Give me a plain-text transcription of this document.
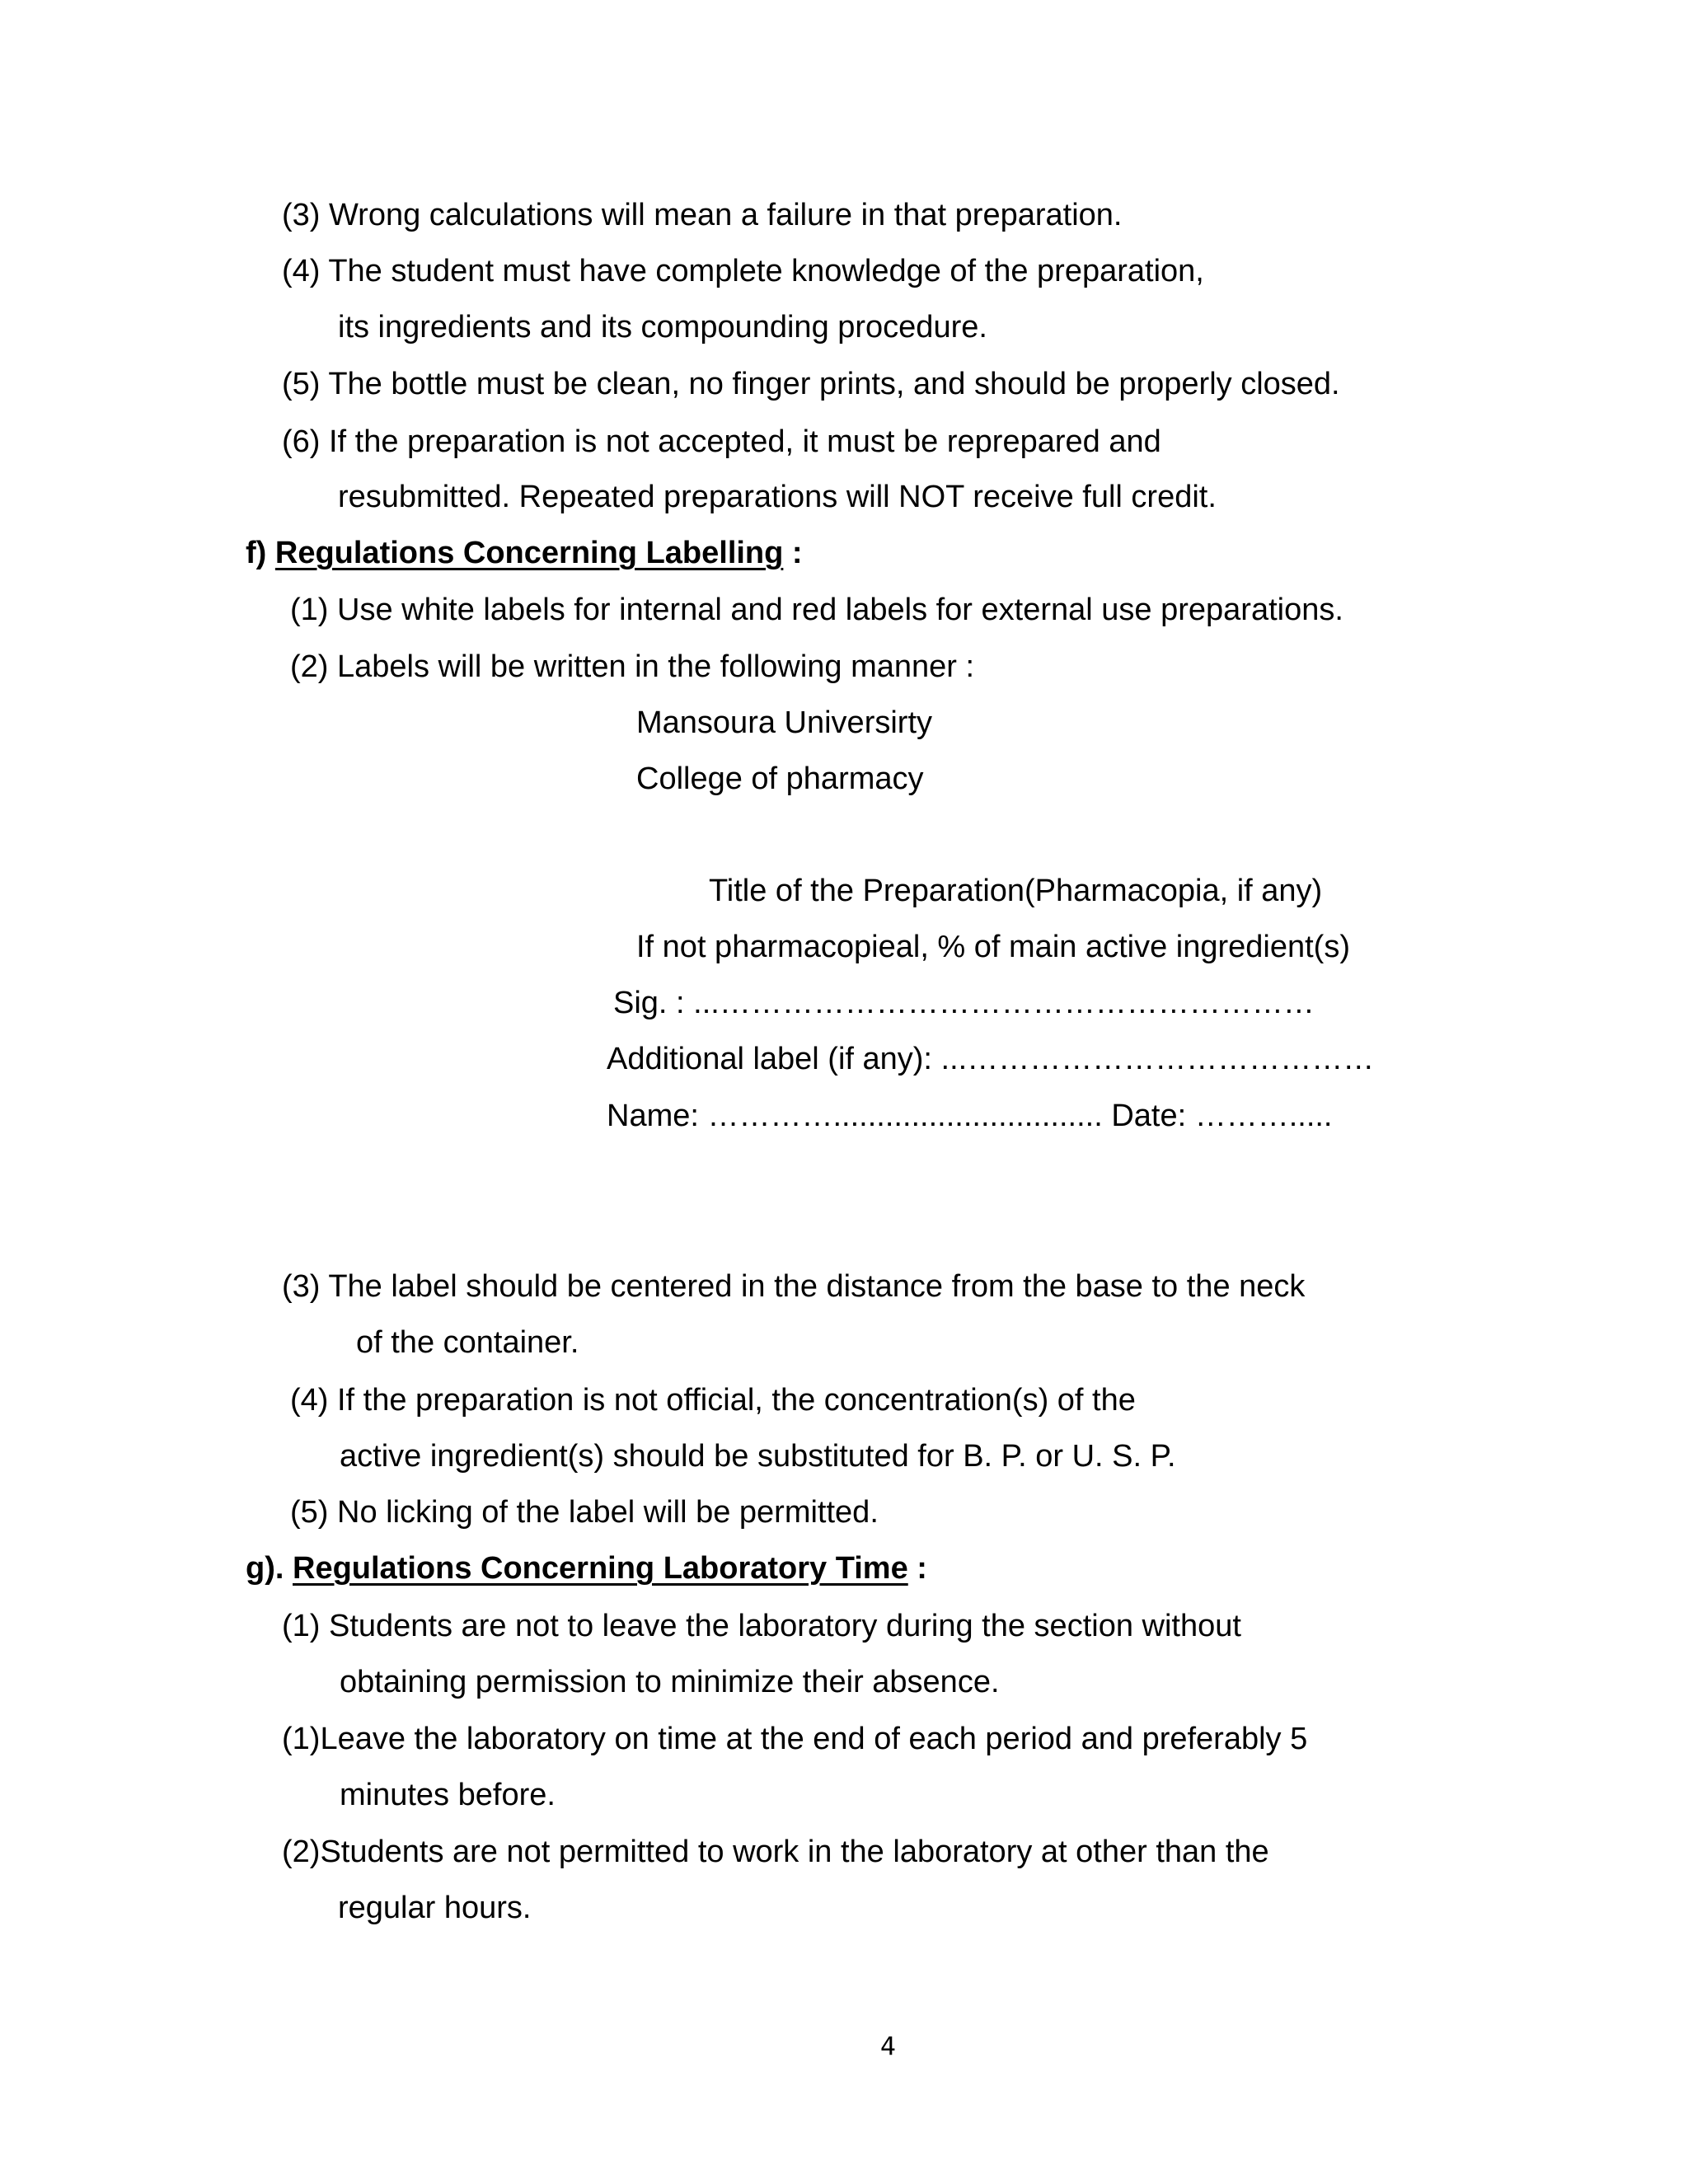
(3) Wrong calculations will mean a failure in that preparation.
(4) The student must have complete knowledge of the preparation,
its ingredients and its compounding procedure.
(5) The bottle must be clean, no finger prints, and should be properly closed.
(6) If the preparation is not accepted, it must be reprepared and
resubmitted. Repeated preparations will NOT receive full credit.
f) Regulations Concerning Labelling :
(1) Use white labels for internal and red labels for external use preparations.
(2) Labels will be written in the following manner :
Mansoura Universirty
College of pharmacy
Title of the Preparation(Pharmacopia, if any)
If not pharmacopieal, % of main active ingredient(s)
Sig. : ...…………………………………………………
Additional label (if any): ...…………………………………
Name: …………............................... Date: ……….....
(3) The label should be centered in the distance from the base to the neck
of the container.
(4) If the preparation is not official, the concentration(s) of the
active ingredient(s) should be substituted for B. P. or U. S. P.
(5) No licking of the label will be permitted.
g). Regulations Concerning Laboratory Time :
(1) Students are not to leave the laboratory during the section without
obtaining permission to minimize their absence.
(1)Leave the laboratory on time at the end of each period and preferably 5
minutes before.
(2)Students are not permitted to work in the laboratory at other than the
regular hours.
4
